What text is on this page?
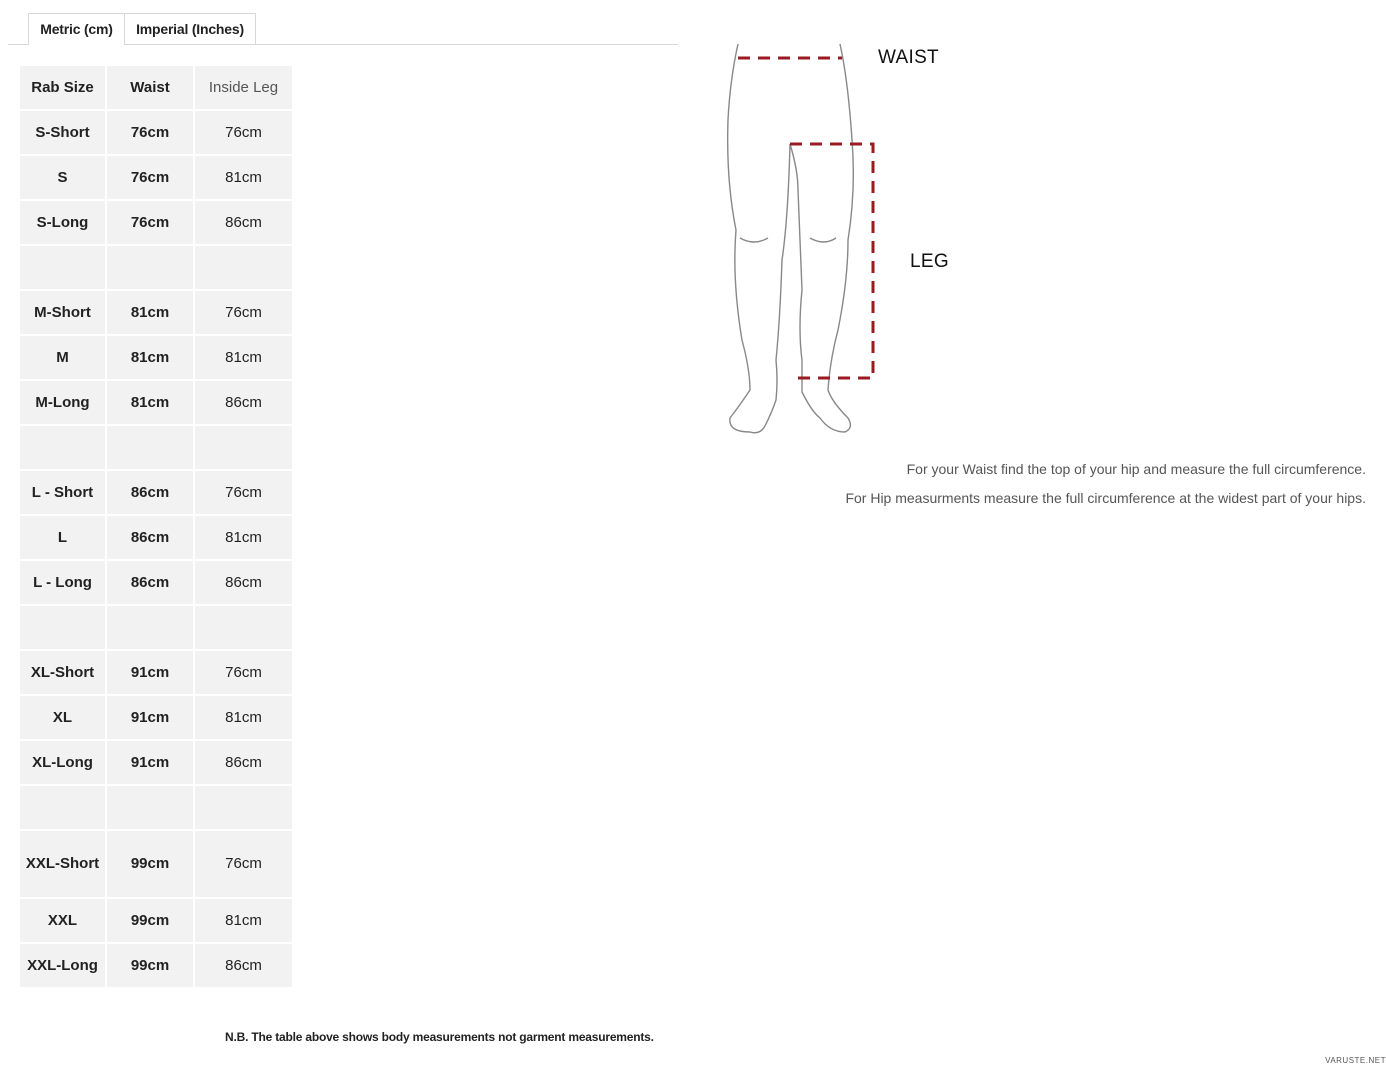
Metric (cm)	Imperial (Inches)
Rab Size	Waist	Inside Leg
S-Short	76cm	76cm
S	76cm	81cm
S-Long	76cm	86cm

M-Short	81cm	76cm
M	81cm	81cm
M-Long	81cm	86cm

L - Short	86cm	76cm
L	86cm	81cm
L - Long	86cm	86cm

XL-Short	91cm	76cm
XL	91cm	81cm
XL-Long	91cm	86cm

XXL-Short	99cm	76cm
XXL	99cm	81cm
XXL-Long	99cm	86cm
N.B. The table above shows body measurements not garment measurements.
WAIST
LEG
For your Waist find the top of your hip and measure the full circumference.
For Hip measurments measure the full circumference at the widest part of your hips.
VARUSTE.NET
